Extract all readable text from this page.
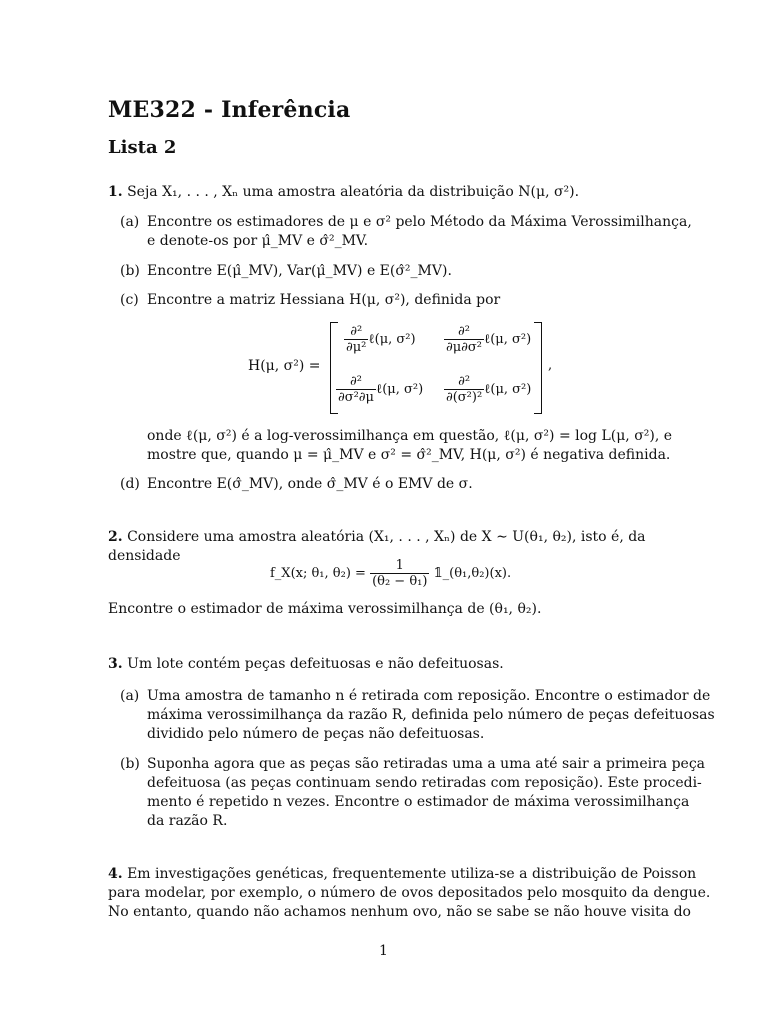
ME322 - Inferência
Lista 2
1. Seja X₁, . . . , Xₙ uma amostra aleatória da distribuição N(μ, σ²).
(a) Encontre os estimadores de μ e σ² pelo Método da Máxima Verossimilhança,
e denote-os por μ̂_MV e σ̂²_MV.
(b) Encontre E(μ̂_MV), Var(μ̂_MV) e E(σ̂²_MV).
(c) Encontre a matriz Hessiana H(μ, σ²), definida por
H(μ, σ²) =
$\frac{\text{∂²}}{\text{∂μ²}}$ ℓ(μ, $\sigma^2) \frac{\text{∂²}}{\text{∂μ∂σ²}}$ ℓ(μ, σ²)
$\frac{\text{∂²}}{\text{∂σ²∂μ}}$ ℓ(μ, $\sigma^2) \frac{\text{∂²}}{\text{∂(σ²)²}}$ ℓ(μ, σ²)
,
onde ℓ(μ, σ²) é a log-verossimilhança em questão, ℓ(μ, σ²) = log L(μ, σ²), e
mostre que, quando μ = μ̂_MV e σ² = σ̂²_MV, H(μ, σ²) é negativa definida.
(d) Encontre E(σ̂_MV), onde σ̂_MV é o EMV de σ.
2. Considere uma amostra aleatória (X₁, . . . , Xₙ) de X ∼ U(θ₁, θ₂), isto é, da
densidade
f_X(x; θ₁, $\theta_2) = \frac{1}{\text{(θ₂ − θ₁)}}$ 𝟙_(θ₁,θ₂)(x).
Encontre o estimador de máxima verossimilhança de (θ₁, θ₂).
3. Um lote contém peças defeituosas e não defeituosas.
(a) Uma amostra de tamanho n é retirada com reposição. Encontre o estimador de
máxima verossimilhança da razão R, definida pelo número de peças defeituosas
dividido pelo número de peças não defeituosas.
(b) Suponha agora que as peças são retiradas uma a uma até sair a primeira peça
defeituosa (as peças continuam sendo retiradas com reposição). Este procedi-
mento é repetido n vezes. Encontre o estimador de máxima verossimilhança
da razão R.
4. Em investigações genéticas, frequentemente utiliza-se a distribuição de Poisson
para modelar, por exemplo, o número de ovos depositados pelo mosquito da dengue.
No entanto, quando não achamos nenhum ovo, não se sabe se não houve visita do
1
